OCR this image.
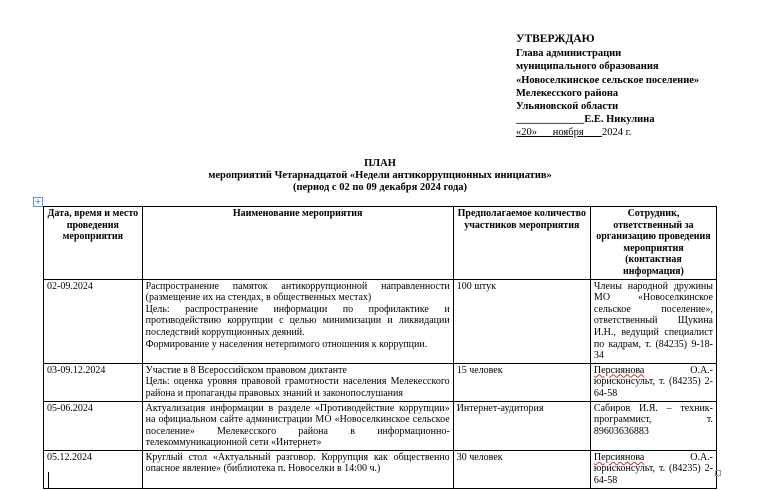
УТВЕРЖДАЮ
Глава администрации
муниципального образования
«Новоселкинское сельское поселение»
Мелекесского района
Ульяновской области
_____________Е.Е. Никулина
«20» ноября 2024 г.
ПЛАН
мероприятий Четарнадцатой «Недели антикоррупционных инициатив»
(период с 02 по 09 декабря 2024 года)
+
Дата, время и место проведения мероприятия	Наименование мероприятия	Предполагаемое количество участников мероприятия	Сотрудник, ответственный за организацию проведения мероприятия (контактная информация)
02-09.2024	Распространение памяток антикоррупционной направленности (размещение их на стендах, в общественных местах)
Цель: распространение информации по профилактике и противодействию коррупции с целью минимизации и ликвидации последствий коррупционных деяний.
Формирование у населения нетерпимого отношения к коррупции.	100 штук	Члены народной дружины МО «Новоселкинское сельское поселение», ответственный Щукина И.Н., ведущий специалист по кадрам, т. (84235) 9-18-34
03-09.12.2024	Участие в 8 Всероссийском правовом диктанте
Цель: оценка уровня правовой грамотности населения Мелекесского района и пропаганды правовых знаний и законопослушания	15 человек	Персиянова О.А.- юрисконсульт, т. (84235) 2-64-58
05-06.2024	Актуализация информации в разделе «Противодействие коррупции» на официальном сайте администрации МО «Новоселкинское сельское поселение» Мелекесского района в информационно-телекоммуникационной сети «Интернет»	Интернет-аудитория	Сабиров И.Я. – техник-программист, т. 89603636883
05.12.2024	Круглый стол «Актуальный разговор. Коррупция как общественно опасное явление» (библиотека п. Новоселки в 14:00 ч.)	30 человек	Персиянова О.А.- юрисконсульт, т. (84235) 2-64-58
